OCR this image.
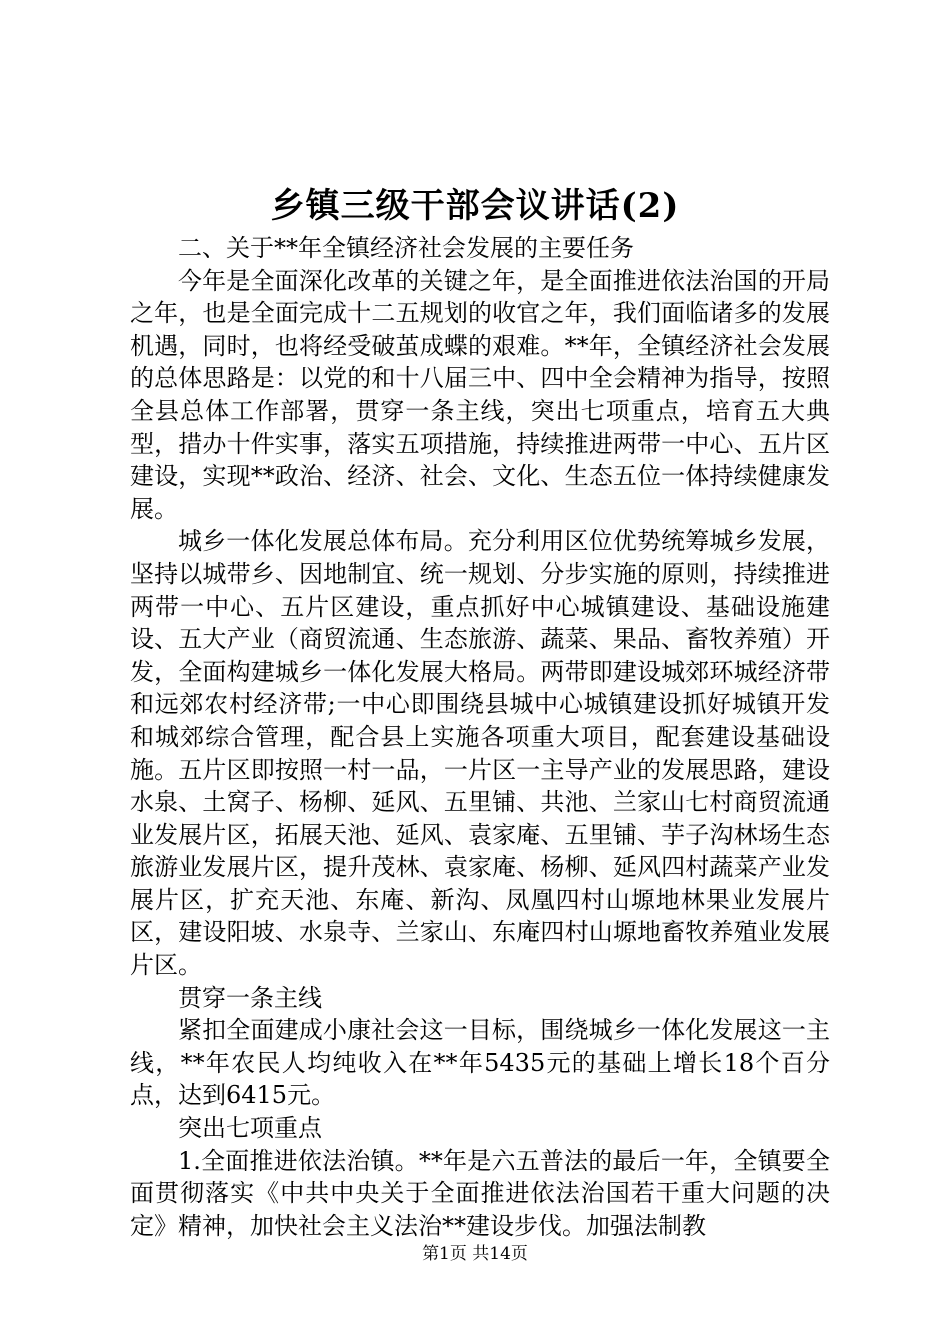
乡镇三级干部会议讲话(2)

二、关于**年全镇经济社会发展的主要任务

今年是全面深化改革的关键之年，是全面推进依法治国的开局之年，也是全面完成十二五规划的收官之年，我们面临诸多的发展机遇，同时，也将经受破茧成蝶的艰难。**年，全镇经济社会发展的总体思路是：以党的和十八届三中、四中全会精神为指导，按照全县总体工作部署，贯穿一条主线，突出七项重点，培育五大典型，措办十件实事，落实五项措施，持续推进两带一中心、五片区建设，实现**政治、经济、社会、文化、生态五位一体持续健康发展。

城乡一体化发展总体布局。充分利用区位优势统筹城乡发展，坚持以城带乡、因地制宜、统一规划、分步实施的原则，持续推进两带一中心、五片区建设，重点抓好中心城镇建设、基础设施建设、五大产业（商贸流通、生态旅游、蔬菜、果品、畜牧养殖）开发，全面构建城乡一体化发展大格局。两带即建设城郊环城经济带和远郊农村经济带;一中心即围绕县城中心城镇建设抓好城镇开发和城郊综合管理，配合县上实施各项重大项目，配套建设基础设施。五片区即按照一村一品，一片区一主导产业的发展思路，建设水泉、土窝子、杨柳、延风、五里铺、共池、兰家山七村商贸流通业发展片区，拓展天池、延风、袁家庵、五里铺、芋子沟林场生态旅游业发展片区，提升茂林、袁家庵、杨柳、延风四村蔬菜产业发展片区，扩充天池、东庵、新沟、凤凰四村山塬地林果业发展片区，建设阳坡、水泉寺、兰家山、东庵四村山塬地畜牧养殖业发展片区。

贯穿一条主线

紧扣全面建成小康社会这一目标，围绕城乡一体化发展这一主线，**年农民人均纯收入在**年5435元的基础上增长18个百分点，达到6415元。

突出七项重点

1.全面推进依法治镇。**年是六五普法的最后一年，全镇要全面贯彻落实《中共中央关于全面推进依法治国若干重大问题的决定》精神，加快社会主义法治**建设步伐。加强法制教

第1页 共14页
